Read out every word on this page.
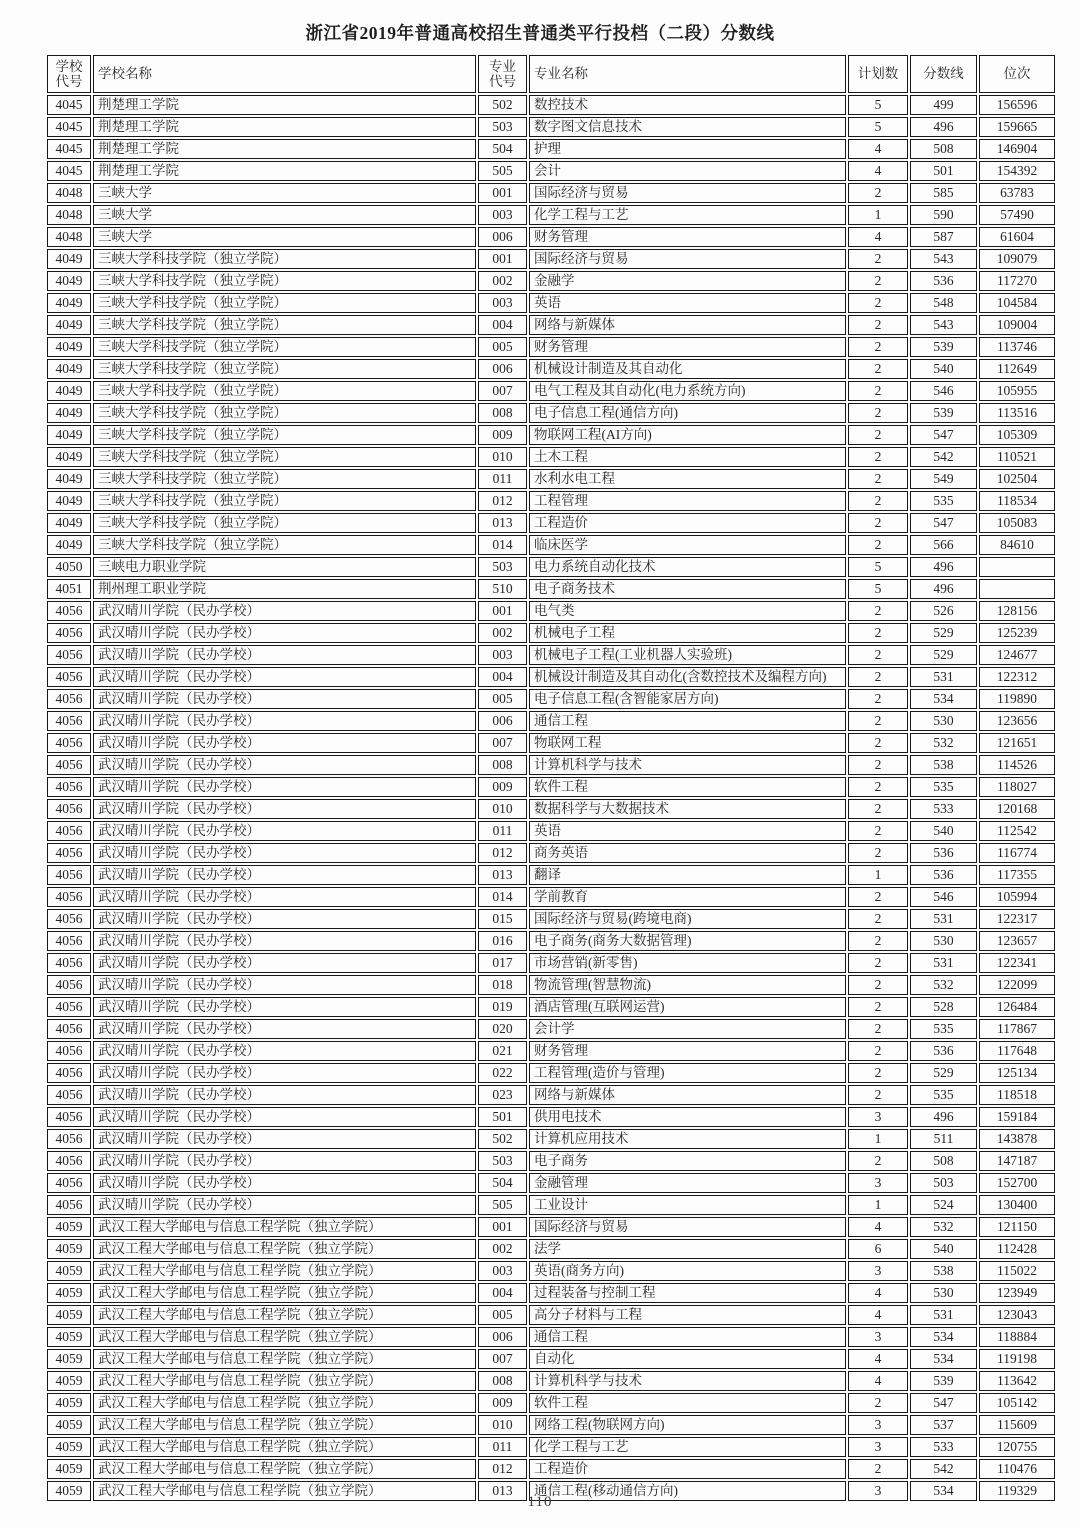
浙江省2019年普通高校招生普通类平行投档（二段）分数线
学校代号	学校名称	专业代号	专业名称	计划数	分数线	位次
4045	荆楚理工学院	502	数控技术	5	499	156596
4045	荆楚理工学院	503	数字图文信息技术	5	496	159665
4045	荆楚理工学院	504	护理	4	508	146904
4045	荆楚理工学院	505	会计	4	501	154392
4048	三峡大学	001	国际经济与贸易	2	585	63783
4048	三峡大学	003	化学工程与工艺	1	590	57490
4048	三峡大学	006	财务管理	4	587	61604
4049	三峡大学科技学院（独立学院）	001	国际经济与贸易	2	543	109079
4049	三峡大学科技学院（独立学院）	002	金融学	2	536	117270
4049	三峡大学科技学院（独立学院）	003	英语	2	548	104584
4049	三峡大学科技学院（独立学院）	004	网络与新媒体	2	543	109004
4049	三峡大学科技学院（独立学院）	005	财务管理	2	539	113746
4049	三峡大学科技学院（独立学院）	006	机械设计制造及其自动化	2	540	112649
4049	三峡大学科技学院（独立学院）	007	电气工程及其自动化(电力系统方向)	2	546	105955
4049	三峡大学科技学院（独立学院）	008	电子信息工程(通信方向)	2	539	113516
4049	三峡大学科技学院（独立学院）	009	物联网工程(AI方向)	2	547	105309
4049	三峡大学科技学院（独立学院）	010	土木工程	2	542	110521
4049	三峡大学科技学院（独立学院）	011	水利水电工程	2	549	102504
4049	三峡大学科技学院（独立学院）	012	工程管理	2	535	118534
4049	三峡大学科技学院（独立学院）	013	工程造价	2	547	105083
4049	三峡大学科技学院（独立学院）	014	临床医学	2	566	84610
4050	三峡电力职业学院	503	电力系统自动化技术	5	496	
4051	荆州理工职业学院	510	电子商务技术	5	496	
4056	武汉晴川学院（民办学校）	001	电气类	2	526	128156
4056	武汉晴川学院（民办学校）	002	机械电子工程	2	529	125239
4056	武汉晴川学院（民办学校）	003	机械电子工程(工业机器人实验班)	2	529	124677
4056	武汉晴川学院（民办学校）	004	机械设计制造及其自动化(含数控技术及编程方向)	2	531	122312
4056	武汉晴川学院（民办学校）	005	电子信息工程(含智能家居方向)	2	534	119890
4056	武汉晴川学院（民办学校）	006	通信工程	2	530	123656
4056	武汉晴川学院（民办学校）	007	物联网工程	2	532	121651
4056	武汉晴川学院（民办学校）	008	计算机科学与技术	2	538	114526
4056	武汉晴川学院（民办学校）	009	软件工程	2	535	118027
4056	武汉晴川学院（民办学校）	010	数据科学与大数据技术	2	533	120168
4056	武汉晴川学院（民办学校）	011	英语	2	540	112542
4056	武汉晴川学院（民办学校）	012	商务英语	2	536	116774
4056	武汉晴川学院（民办学校）	013	翻译	1	536	117355
4056	武汉晴川学院（民办学校）	014	学前教育	2	546	105994
4056	武汉晴川学院（民办学校）	015	国际经济与贸易(跨境电商)	2	531	122317
4056	武汉晴川学院（民办学校）	016	电子商务(商务大数据管理)	2	530	123657
4056	武汉晴川学院（民办学校）	017	市场营销(新零售)	2	531	122341
4056	武汉晴川学院（民办学校）	018	物流管理(智慧物流)	2	532	122099
4056	武汉晴川学院（民办学校）	019	酒店管理(互联网运营)	2	528	126484
4056	武汉晴川学院（民办学校）	020	会计学	2	535	117867
4056	武汉晴川学院（民办学校）	021	财务管理	2	536	117648
4056	武汉晴川学院（民办学校）	022	工程管理(造价与管理)	2	529	125134
4056	武汉晴川学院（民办学校）	023	网络与新媒体	2	535	118518
4056	武汉晴川学院（民办学校）	501	供用电技术	3	496	159184
4056	武汉晴川学院（民办学校）	502	计算机应用技术	1	511	143878
4056	武汉晴川学院（民办学校）	503	电子商务	2	508	147187
4056	武汉晴川学院（民办学校）	504	金融管理	3	503	152700
4056	武汉晴川学院（民办学校）	505	工业设计	1	524	130400
4059	武汉工程大学邮电与信息工程学院（独立学院）	001	国际经济与贸易	4	532	121150
4059	武汉工程大学邮电与信息工程学院（独立学院）	002	法学	6	540	112428
4059	武汉工程大学邮电与信息工程学院（独立学院）	003	英语(商务方向)	3	538	115022
4059	武汉工程大学邮电与信息工程学院（独立学院）	004	过程装备与控制工程	4	530	123949
4059	武汉工程大学邮电与信息工程学院（独立学院）	005	高分子材料与工程	4	531	123043
4059	武汉工程大学邮电与信息工程学院（独立学院）	006	通信工程	3	534	118884
4059	武汉工程大学邮电与信息工程学院（独立学院）	007	自动化	4	534	119198
4059	武汉工程大学邮电与信息工程学院（独立学院）	008	计算机科学与技术	4	539	113642
4059	武汉工程大学邮电与信息工程学院（独立学院）	009	软件工程	2	547	105142
4059	武汉工程大学邮电与信息工程学院（独立学院）	010	网络工程(物联网方向)	3	537	115609
4059	武汉工程大学邮电与信息工程学院（独立学院）	011	化学工程与工艺	3	533	120755
4059	武汉工程大学邮电与信息工程学院（独立学院）	012	工程造价	2	542	110476
4059	武汉工程大学邮电与信息工程学院（独立学院）	013	通信工程(移动通信方向)	3	534	119329
110
